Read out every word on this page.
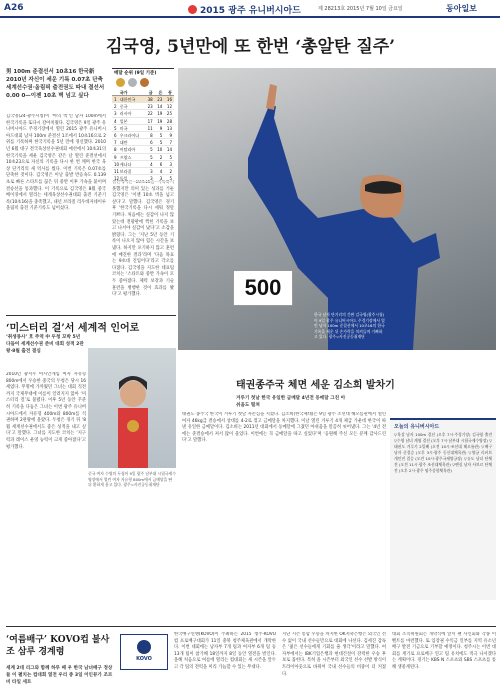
A26	2015 광주 유니버시아드	제 28213호 2015년 7월 10일 금요일	동아일보
김국영, 5년만에 또 한번 ‘총알탄 질주’
男 100m 준결선서 10초16 한국新 2010년 자신이 세운 기록 0.07초 단축 세계선수권·올림픽 출전권도 따내 결선서 0.00 0—이젠 10초 벽 넘고 싶다
김국영(24·광주시청)이 ‘마의 벽’인 남자 100m에서 한국기록을 또다시 갈아치웠다. 김국영은 9일 광주 유니버시아드 주경기장에서 열린 2015 광주 유니버시아드대회 남자 100m 준결선 1조에서 10초16으로 2위를 기록하며 한국기록을 5년 만에 경신했다. 2010년 6월 대구 전국육상선수권대회 예선에서 10초31의 한국기록을 세운 김국영은 같은 날 열린 준결선에서 10초23으로 자신의 기록을 다시 한 번 깨며 한국 육상 단거리의 새 역사를 썼다. 이번 기록은 0.07초를 단축한 것이다. 김국영은 이날 출발 반응속도 0.139초로 빠른 스타트를 끊은 뒤 중반 이후 가속을 붙이며 결승선을 통과했다. 이 기록으로 김국영은 8월 중국 베이징에서 열리는 세계육상선수권대회 출전 기준기록(10초16)을 충족했고, 내년 브라질 리우데자네이루 올림픽 출전 기준기록도 넘어섰다.
결선에서는 10초16을 기록하지 못했지만 의미 있는 성과를 거둔 김국영은 ‘이젠 10초 벽을 넘고 싶다’고 말했다. 김국영은 경기 후 ‘한국기록을 다시 세워 정말 기쁘다. 처음에는 실감이 나지 않았는데 전광판에 찍힌 기록을 보고 나서야 실감이 났다’고 소감을 밝혔다. 그는 ‘지난 5년 동안 기록이 나오지 않아 힘든 시간을 보냈다. 하지만 포기하지 않고 훈련에 매진한 결과’라며 ‘다음 목표는 9초대 진입이다’라고 각오를 다졌다. 김국영을 지도한 대표팀 코치는 ‘스타트와 중반 가속이 모두 좋아졌다. 체력 보강과 기술 훈련을 병행한 것이 효과를 봤다’고 평가했다.
메달 순위 (9일 기준)
국가	금	은	동
1 대한민국	38	23	16
2 중국	23	14	12
3 러시아	22	19	25
4 일본	17	19	28
5 미국	11	9	13
6 우크라이나	8	5	9
7 대만	6	5	7
8 이탈리아	5	10	14
9 프랑스	5	2	5
10 캐나다	4	6	3
11 브라질	3	4	2
12 독일	3	3	5
500
한국 남자 단거리의 간판 김국영(광주시청)이 9일 광주 유니버시아드 주경기장에서 열린 남자 100m 준결선에서 10초16의 한국기록을 세운 뒤 손가락을 치켜들며 기뻐하고 있다. 광주=사진공동취재단
‘미스터리 걸’서 세계적 인어로
‘취생몽사’ 호 주역 中 두청 꼬박 5년 다듬어 세계선수권 준비 대회 성적 2관왕·8월 출전 결심
2010년 광저우 아시안게임 여자 자유형 800m에서 우승한 중국의 두청은 당시 16세였다. 무명에 가까웠던 그녀는 대회 직전까지 국제무대에 이름이 알려지지 않아 ‘미스터리 걸’로 불렸다. 이후 5년 동안 꾸준히 기록을 다듬은 그녀는 이번 광주 유니버시아드에서 자유형 400m와 800m를 석권하며 2관왕에 올랐다. 두청은 경기 뒤 ‘8월 세계선수권에서도 좋은 성적을 내고 싶다’고 말했다. 그녀를 지도한 코치는 ‘지구력과 레이스 운영 능력이 크게 좋아졌다’고 평가했다.
중국 여자 수영의 두청이 9일 광주 남부대 시립국제수영장에서 열린 여자 자유형 800m에서 금메달을 딴 뒤 환하게 웃고 있다. 광주=사진공동취재단
태권종주국 체면 세운 김소희 발차기
겨루기 첫날 한국 유일한 금메달 4년전 동메달 그친 아쉬움도 떨쳐
태권도 종주국 한국이 겨루기 첫날 자존심을 지켰다. 김소희(한국체대)는 9일 광주 조선대 해오름관에서 열린 여자 46kg급 결승에서 상대를 4-2로 꺾고 금메달을 차지했다. 이날 열린 겨루기 4개 체급 가운데 한국이 따낸 유일한 금메달이다. 김소희는 2011년 대회에서 동메달에 그쳤던 아쉬움을 말끔히 씻어냈다. 그는 ‘4년 전에는 준결승에서 져서 많이 울었다. 이번에는 꼭 금메달을 따고 싶었다’며 ‘응원해 주신 모든 분께 감사드린다’고 말했다.
오늘의 유니버시아드
▽육상 남자 100m 결선 (오후 7시·주경기장) 김국영 출전 ▽수영 남녀 계영 결선 (오후 7시·남부대 시립국제수영장) ▽태권도 겨루기 2일째 (오전 10시·조선대 해오름관) ▽배구 남자 준결승 (오후 3시·광주 동신대체육관) ▽양궁 리커브 개인전 결승 (오전 10시·광주국제양궁장) ▽유도 남녀 단체전 (오전 11시·광주 조선대체육관) ▽펜싱 남자 사브르 단체전 (오후 2시·광주 염주종합체육관)
‘여름배구’ KOVO컵 불사조 삼루 경계령
세계 2대 리그와 함께 하루 배 우 한국 남녀배구 정상들 이 펼치는 컵대회 열전 우리 중 3일 이인뮤가 조르 비 타일 세트
KOVO
한국배구연맹(KOVO)이 주최하는 2015 청주·KOVO컵 프로배구대회가 11일 충북 청주체육관에서 개막한다. 이번 대회에는 남자부 7개 팀과 여자부 6개 팀 등 13개 팀이 참가해 18일까지 8일 동안 열전을 벌인다. 올해 처음으로 여름에 열리는 컵대회는 새 시즌을 앞두고 각 팀의 전력을 미리 가늠할 수 있는 무대다.
지난 시즌 통합 우승을 차지한 OK저축은행은 외국인 선수 없이 국내 선수들만으로 대회에 나선다. 김세진 감독은 ‘젊은 선수들에게 기회를 줄 생각’이라고 말했다. 여자부에서는 IBK기업은행과 현대건설이 강력한 우승 후보로 꼽힌다. 특히 올 시즌부터 외국인 선수 선발 방식이 트라이아웃으로 바뀌어 국내 선수들의 비중이 더 커졌다.
대회 조직위원회는 개막식에 앞서 팬 사인회와 각종 이벤트를 마련했다. 또 입장권 수익금 일부를 지역 유소년 배구 발전 기금으로 기부할 예정이다. 청주시는 이번 대회를 계기로 프로배구 연고 팀 유치에도 적극 나서겠다는 계획이다. 경기는 KBS N 스포츠와 SBS 스포츠를 통해 생중계된다.
